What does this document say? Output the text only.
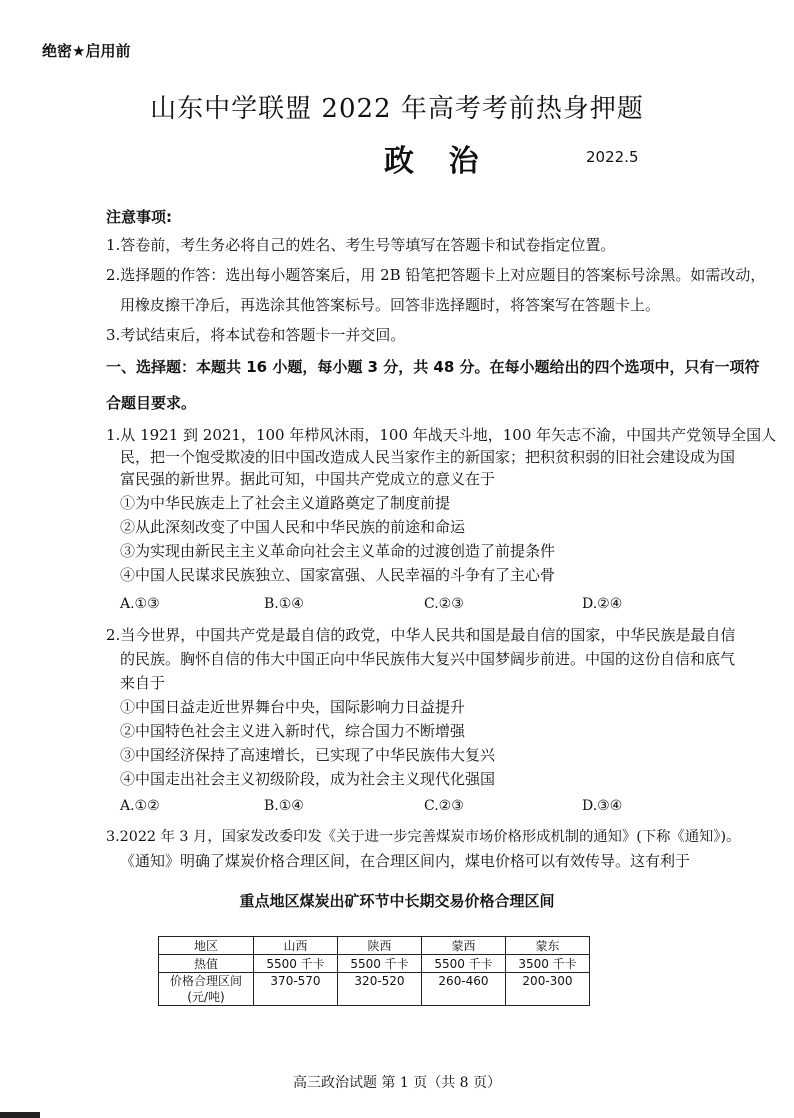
绝密★启用前
山东中学联盟 2022 年高考考前热身押题
政 治	2022.5
注意事项:
1.答卷前，考生务必将自己的姓名、考生号等填写在答题卡和试卷指定位置。
2.选择题的作答：选出每小题答案后，用 2B 铅笔把答题卡上对应题目的答案标号涂黑。如需改动，
用橡皮擦干净后，再选涂其他答案标号。回答非选择题时，将答案写在答题卡上。
3.考试结束后，将本试卷和答题卡一并交回。
一、选择题：本题共 16 小题，每小题 3 分，共 48 分。在每小题给出的四个选项中，只有一项符
合题目要求。
1.从 1921 到 2021，100 年栉风沐雨，100 年战天斗地，100 年矢志不渝，中国共产党领导全国人
民，把一个饱受欺凌的旧中国改造成人民当家作主的新国家；把积贫积弱的旧社会建设成为国
富民强的新世界。据此可知，中国共产党成立的意义在于
①为中华民族走上了社会主义道路奠定了制度前提
②从此深刻改变了中国人民和中华民族的前途和命运
③为实现由新民主主义革命向社会主义革命的过渡创造了前提条件
④中国人民谋求民族独立、国家富强、人民幸福的斗争有了主心骨
A.①③	B.①④	C.②③	D.②④
2.当今世界，中国共产党是最自信的政党，中华人民共和国是最自信的国家，中华民族是最自信
的民族。胸怀自信的伟大中国正向中华民族伟大复兴中国梦阔步前进。中国的这份自信和底气
来自于
①中国日益走近世界舞台中央，国际影响力日益提升
②中国特色社会主义进入新时代，综合国力不断增强
③中国经济保持了高速增长，已实现了中华民族伟大复兴
④中国走出社会主义初级阶段，成为社会主义现代化强国
A.①②	B.①④	C.②③	D.③④
3.2022 年 3 月，国家发改委印发《关于进一步完善煤炭市场价格形成机制的通知》(下称《通知》)。
《通知》明确了煤炭价格合理区间，在合理区间内，煤电价格可以有效传导。这有利于
重点地区煤炭出矿环节中长期交易价格合理区间
地区	山西	陕西	蒙西	蒙东
热值	5500 千卡	5500 千卡	5500 千卡	3500 千卡

价格合理区间
(元/吨)	370-570	320-520	260-460	200-300
高三政治试题 第 1 页（共 8 页）
